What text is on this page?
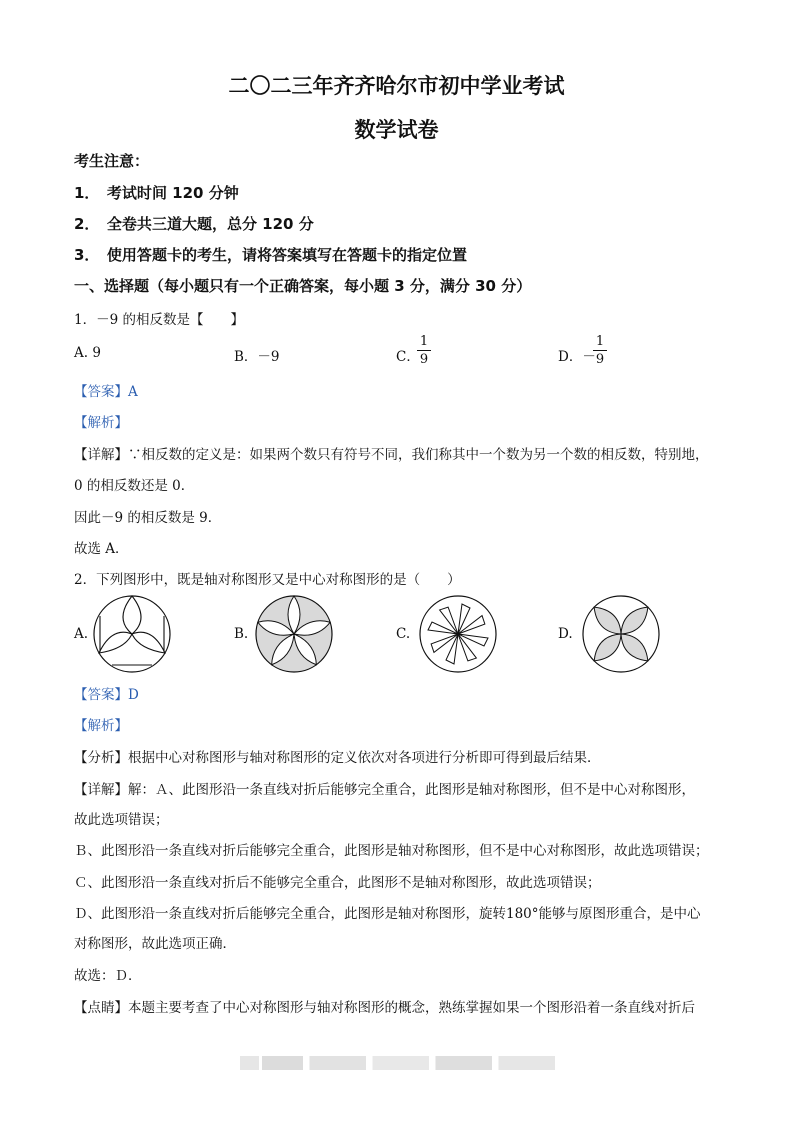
二〇二三年齐齐哈尔市初中学业考试
数学试卷
考生注意：
1．　考试时间 120 分钟
2．　全卷共三道大题，总分 120 分
3．　使用答题卡的考生，请将答案填写在答题卡的指定位置
一、选择题（每小题只有一个正确答案，每小题 3 分，满分 30 分）
1．－9 的相反数是【　　】
A. 9	B．－9	C．
1
9	D．－
1
9
【答案】A
【解析】
【详解】∵相反数的定义是：如果两个数只有符号不同，我们称其中一个数为另一个数的相反数，特别地，
0 的相反数还是 0．
因此－9 的相反数是 9．
故选 A．
2．下列图形中，既是轴对称图形又是中心对称图形的是（　　）
A.	B.	C.	D.
【答案】D
【解析】
【分析】根据中心对称图形与轴对称图形的定义依次对各项进行分析即可得到最后结果．
【详解】解：Ａ、此图形沿一条直线对折后能够完全重合，此图形是轴对称图形，但不是中心对称图形，
故此选项错误；
Ｂ、此图形沿一条直线对折后能够完全重合，此图形是轴对称图形，但不是中心对称图形，故此选项错误；
Ｃ、此图形沿一条直线对折后不能够完全重合，此图形不是轴对称图形，故此选项错误；
Ｄ、此图形沿一条直线对折后能够完全重合，此图形是轴对称图形，旋转180°能够与原图形重合，是中心
对称图形，故此选项正确．
故选：Ｄ．
【点睛】本题主要考查了中心对称图形与轴对称图形的概念，熟练掌握如果一个图形沿着一条直线对折后
